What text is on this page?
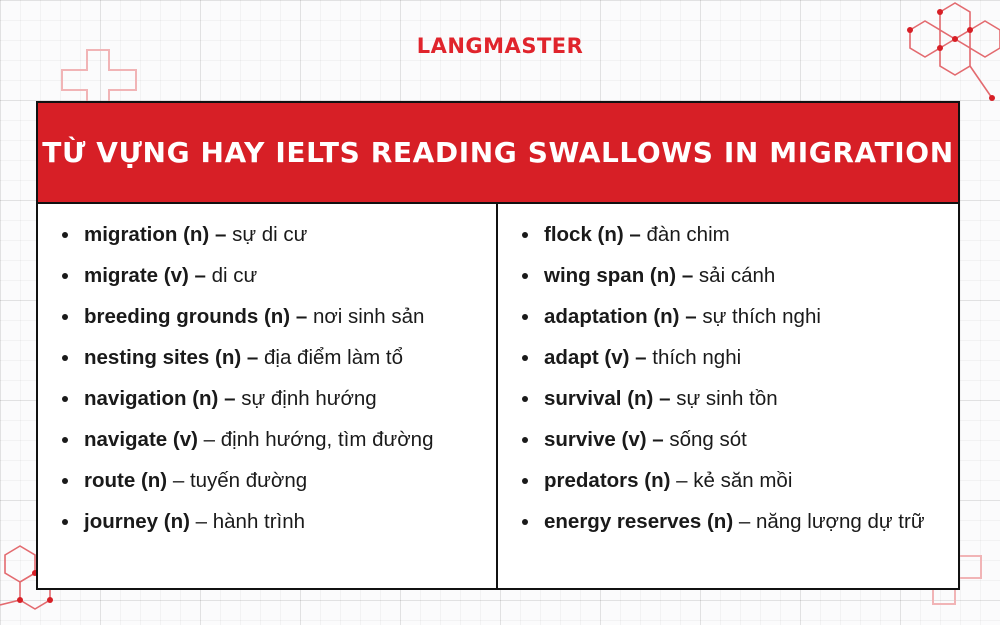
LANGMASTER
TỪ VỰNG HAY IELTS READING SWALLOWS IN MIGRATION
migration (n) – sự di cư
migrate (v) – di cư
breeding grounds (n) – nơi sinh sản
nesting sites (n) – địa điểm làm tổ
navigation (n) – sự định hướng
navigate (v) – định hướng, tìm đường
route (n) – tuyến đường
journey (n) – hành trình
flock (n) – đàn chim
wing span (n) – sải cánh
adaptation (n) – sự thích nghi
adapt (v) – thích nghi
survival (n) – sự sinh tồn
survive (v) – sống sót
predators (n) – kẻ săn mồi
energy reserves (n) – năng lượng dự trữ
